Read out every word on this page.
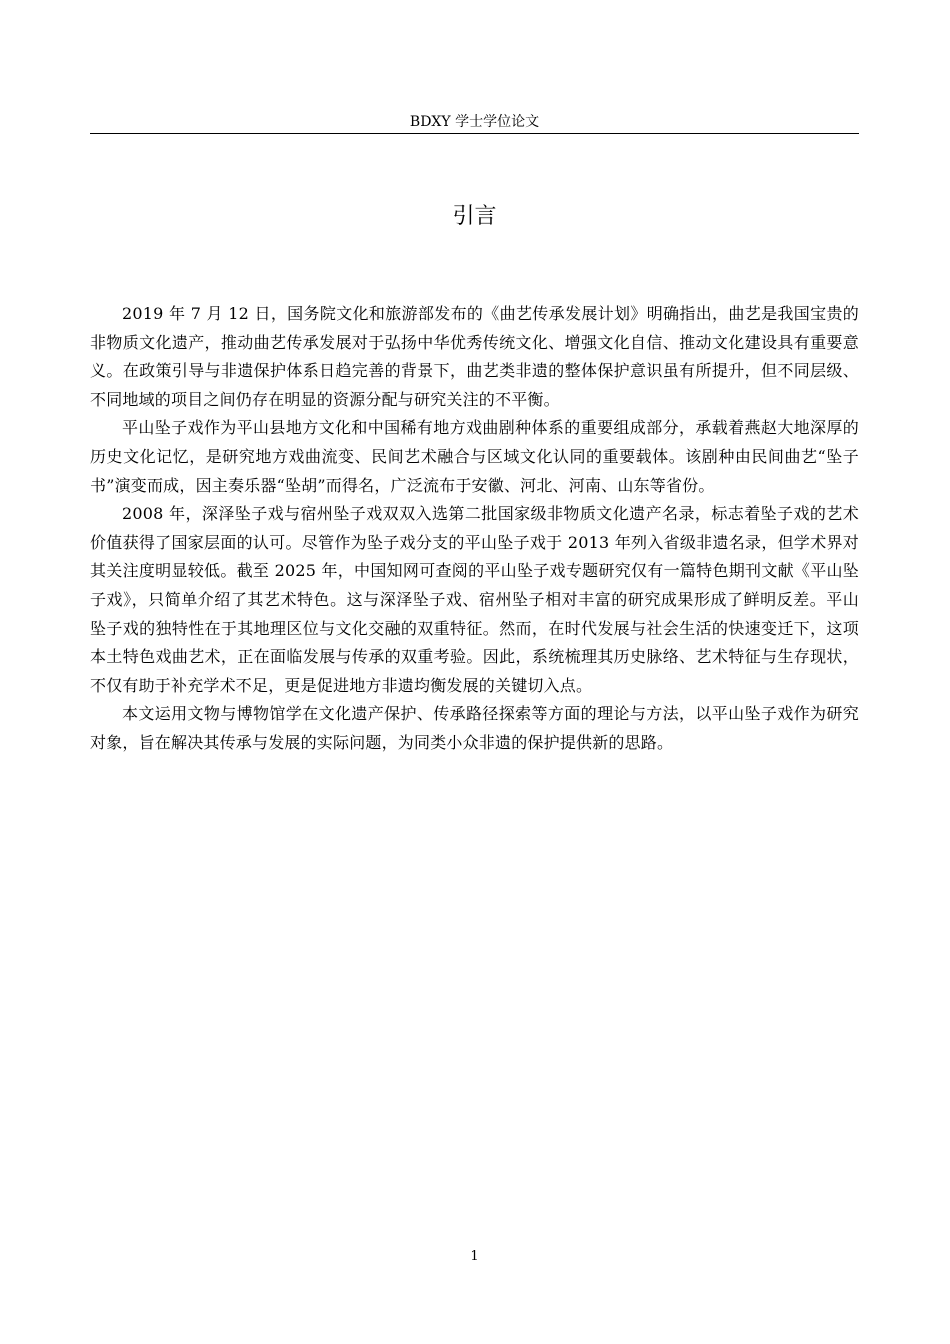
BDXY 学士学位论文
引言

2019 年 7 月 12 日，国务院文化和旅游部发布的《曲艺传承发展计划》明确指出，曲艺是我国宝贵的非物质文化遗产，推动曲艺传承发展对于弘扬中华优秀传统文化、增强文化自信、推动文化建设具有重要意义。在政策引导与非遗保护体系日趋完善的背景下，曲艺类非遗的整体保护意识虽有所提升，但不同层级、不同地域的项目之间仍存在明显的资源分配与研究关注的不平衡。

平山坠子戏作为平山县地方文化和中国稀有地方戏曲剧种体系的重要组成部分，承载着燕赵大地深厚的历史文化记忆，是研究地方戏曲流变、民间艺术融合与区域文化认同的重要载体。该剧种由民间曲艺“坠子书”演变而成，因主奏乐器“坠胡”而得名，广泛流布于安徽、河北、河南、山东等省份。

2008 年，深泽坠子戏与宿州坠子戏双双入选第二批国家级非物质文化遗产名录，标志着坠子戏的艺术价值获得了国家层面的认可。尽管作为坠子戏分支的平山坠子戏于 2013 年列入省级非遗名录，但学术界对其关注度明显较低。截至 2025 年，中国知网可查阅的平山坠子戏专题研究仅有一篇特色期刊文献《平山坠子戏》，只简单介绍了其艺术特色。这与深泽坠子戏、宿州坠子相对丰富的研究成果形成了鲜明反差。平山坠子戏的独特性在于其地理区位与文化交融的双重特征。然而，在时代发展与社会生活的快速变迁下，这项本土特色戏曲艺术，正在面临发展与传承的双重考验。因此，系统梳理其历史脉络、艺术特征与生存现状，不仅有助于补充学术不足，更是促进地方非遗均衡发展的关键切入点。

本文运用文物与博物馆学在文化遗产保护、传承路径探索等方面的理论与方法，以平山坠子戏作为研究对象，旨在解决其传承与发展的实际问题，为同类小众非遗的保护提供新的思路。

1
